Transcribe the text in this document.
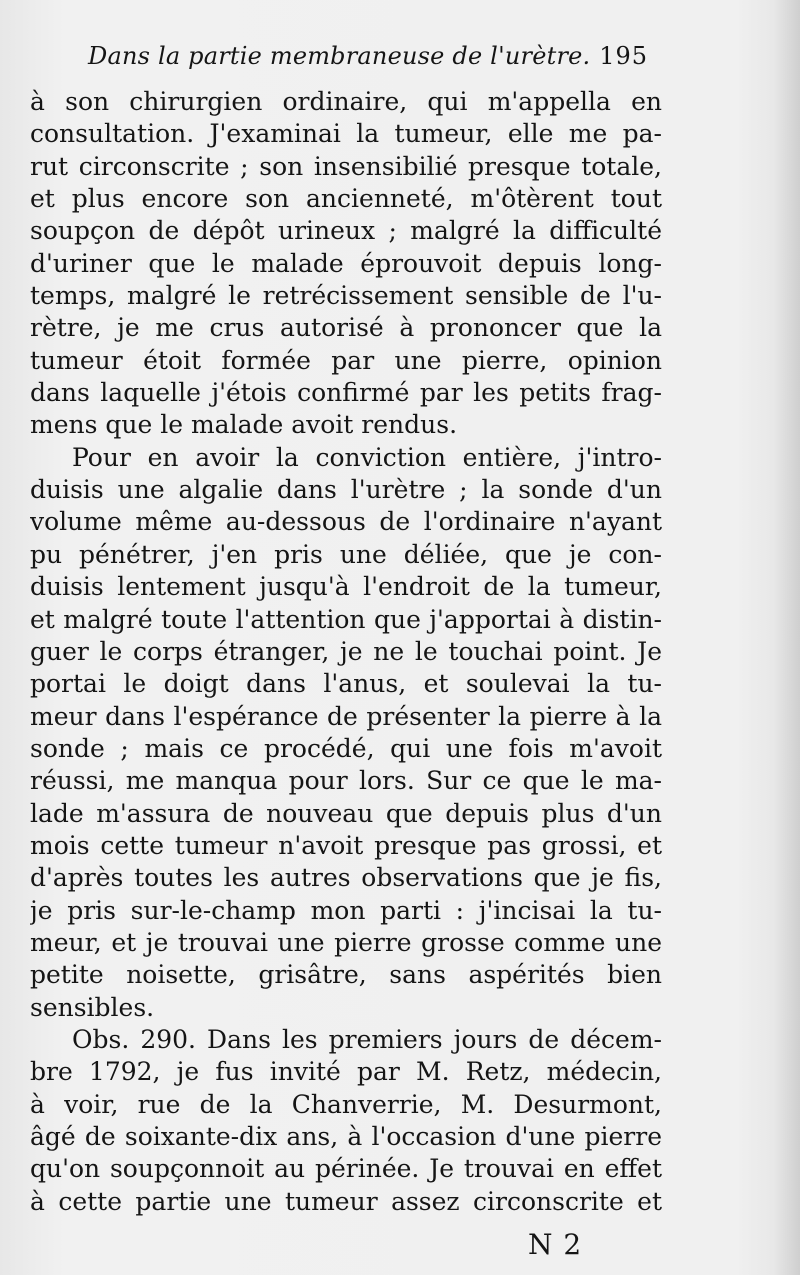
Dans la partie membraneuse de l'urètre. 195
à son chirurgien ordinaire, qui m'appella en
consultation. J'examinai la tumeur, elle me pa-
rut circonscrite ; son insensibilié presque totale,
et plus encore son ancienneté, m'ôtèrent tout
soupçon de dépôt urineux ; malgré la difficulté
d'uriner que le malade éprouvoit depuis long-
temps, malgré le retrécissement sensible de l'u-
rètre, je me crus autorisé à prononcer que la
tumeur étoit formée par une pierre, opinion
dans laquelle j'étois confirmé par les petits frag-
mens que le malade avoit rendus.
Pour en avoir la conviction entière, j'intro-
duisis une algalie dans l'urètre ; la sonde d'un
volume même au-dessous de l'ordinaire n'ayant
pu pénétrer, j'en pris une déliée, que je con-
duisis lentement jusqu'à l'endroit de la tumeur,
et malgré toute l'attention que j'apportai à distin-
guer le corps étranger, je ne le touchai point. Je
portai le doigt dans l'anus, et soulevai la tu-
meur dans l'espérance de présenter la pierre à la
sonde ; mais ce procédé, qui une fois m'avoit
réussi, me manqua pour lors. Sur ce que le ma-
lade m'assura de nouveau que depuis plus d'un
mois cette tumeur n'avoit presque pas grossi, et
d'après toutes les autres observations que je fis,
je pris sur-le-champ mon parti : j'incisai la tu-
meur, et je trouvai une pierre grosse comme une
petite noisette, grisâtre, sans aspérités bien
sensibles.
Obs. 290. Dans les premiers jours de décem-
bre 1792, je fus invité par M. Retz, médecin,
à voir, rue de la Chanverrie, M. Desurmont,
âgé de soixante-dix ans, à l'occasion d'une pierre
qu'on soupçonnoit au périnée. Je trouvai en effet
à cette partie une tumeur assez circonscrite et
N 2
